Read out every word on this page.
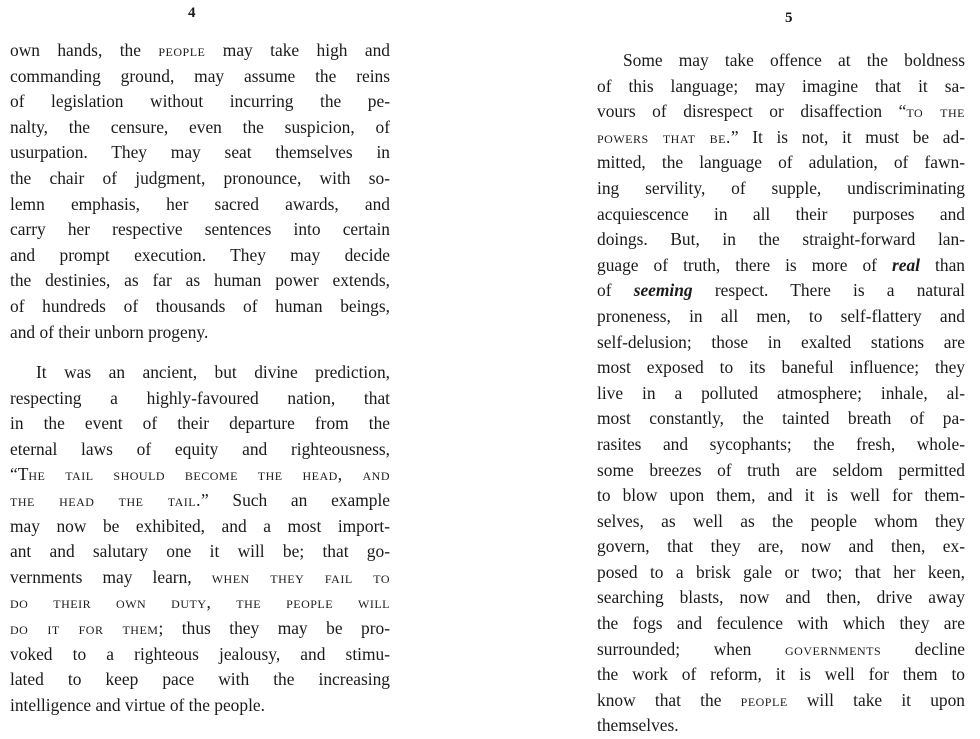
4
own hands, the people may take high and
commanding ground, may assume the reins
of legislation without incurring the pe-
nalty, the censure, even the suspicion, of
usurpation. They may seat themselves in
the chair of judgment, pronounce, with so-
lemn emphasis, her sacred awards, and
carry her respective sentences into certain
and prompt execution. They may decide
the destinies, as far as human power extends,
of hundreds of thousands of human beings,
and of their unborn progeny.
It was an ancient, but divine prediction,
respecting a highly-favoured nation, that
in the event of their departure from the
eternal laws of equity and righteousness,
“The tail should become the head, and
the head the tail.” Such an example
may now be exhibited, and a most import-
ant and salutary one it will be; that go-
vernments may learn, when they fail to
do their own duty, the people will
do it for them; thus they may be pro-
voked to a righteous jealousy, and stimu-
lated to keep pace with the increasing
intelligence and virtue of the people.
5
Some may take offence at the boldness
of this language; may imagine that it sa-
vours of disrespect or disaffection “to the
powers that be.” It is not, it must be ad-
mitted, the language of adulation, of fawn-
ing servility, of supple, undiscriminating
acquiescence in all their purposes and
doings. But, in the straight-forward lan-
guage of truth, there is more of real than
of seeming respect. There is a natural
proneness, in all men, to self-flattery and
self-delusion; those in exalted stations are
most exposed to its baneful influence; they
live in a polluted atmosphere; inhale, al-
most constantly, the tainted breath of pa-
rasites and sycophants; the fresh, whole-
some breezes of truth are seldom permitted
to blow upon them, and it is well for them-
selves, as well as the people whom they
govern, that they are, now and then, ex-
posed to a brisk gale or two; that her keen,
searching blasts, now and then, drive away
the fogs and feculence with which they are
surrounded; when governments decline
the work of reform, it is well for them to
know that the people will take it upon
themselves.
